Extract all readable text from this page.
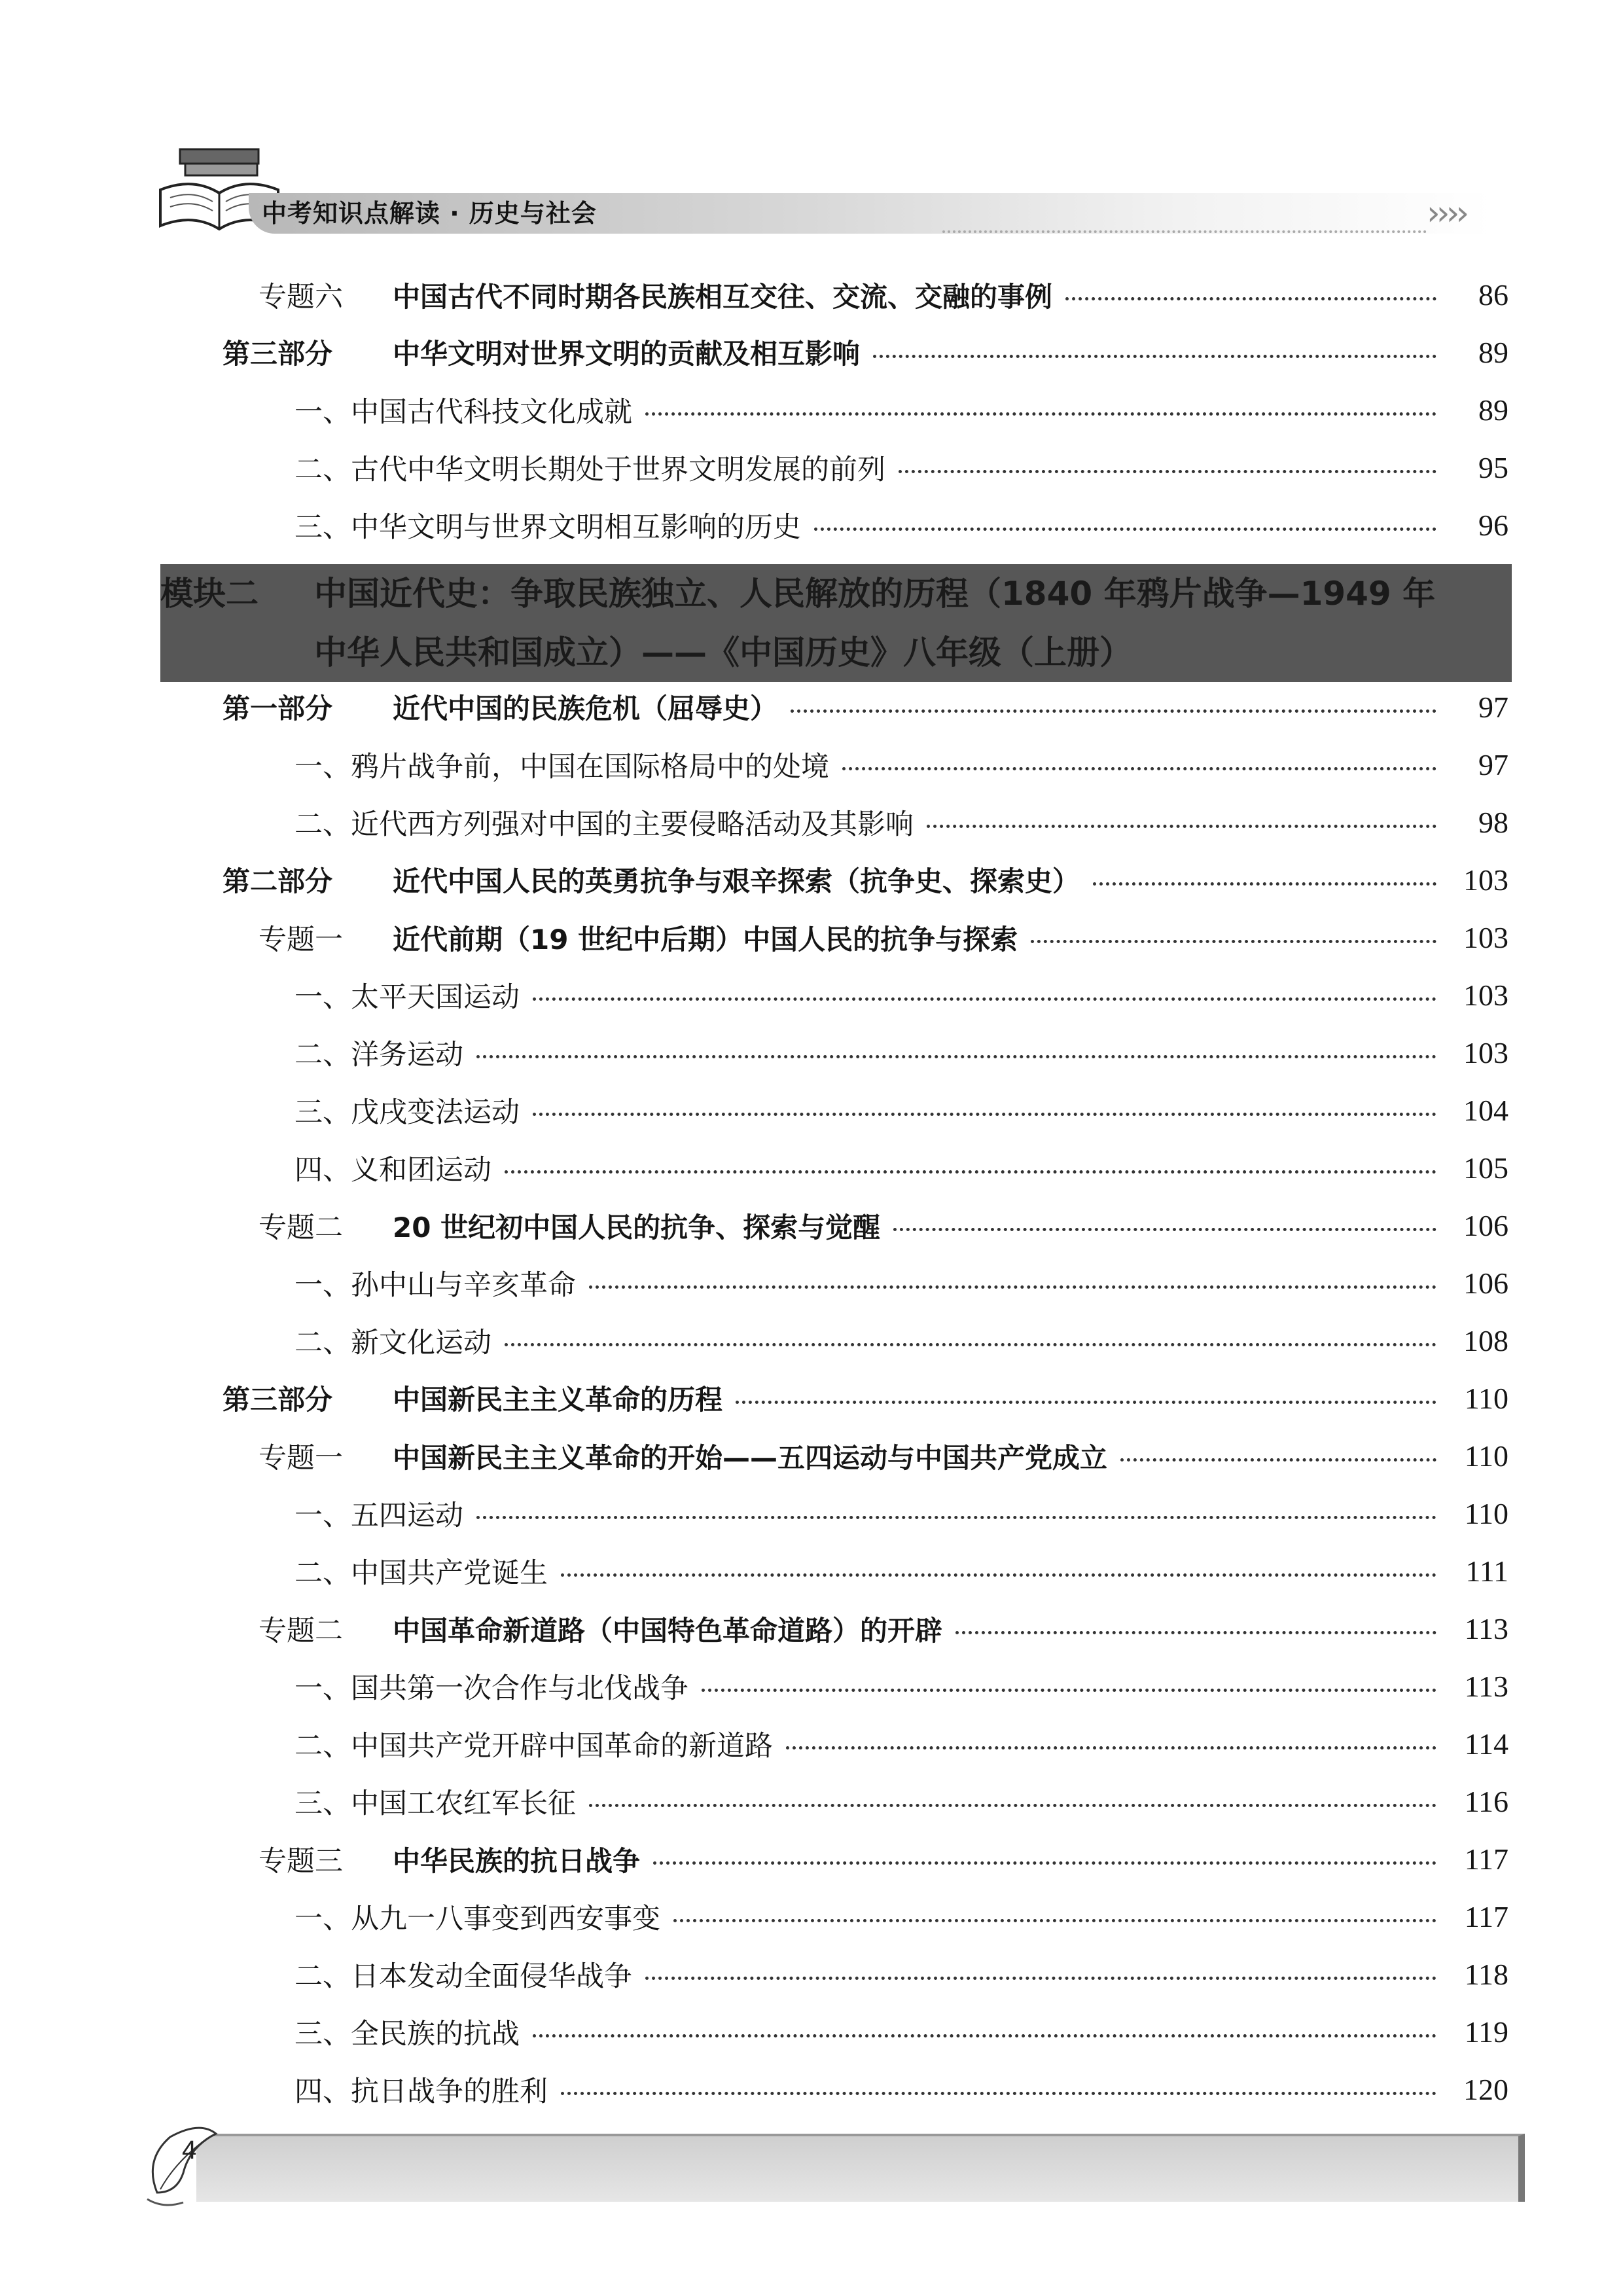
中考知识点解读 · 历史与社会	››››
专题六 中国古代不同时期各民族相互交往、交流、交融的事例	86
第三部分 中华文明对世界文明的贡献及相互影响	89
一、中国古代科技文化成就	89
二、古代中华文明长期处于世界文明发展的前列	95
三、中华文明与世界文明相互影响的历史	96
第一部分 近代中国的民族危机（屈辱史）	97
一、鸦片战争前，中国在国际格局中的处境	97
二、近代西方列强对中国的主要侵略活动及其影响	98
第二部分 近代中国人民的英勇抗争与艰辛探索（抗争史、探索史）	103
专题一 近代前期（19 世纪中后期）中国人民的抗争与探索	103
一、太平天国运动	103
二、洋务运动	103
三、戊戌变法运动	104
四、义和团运动	105
专题二 20 世纪初中国人民的抗争、探索与觉醒	106
一、孙中山与辛亥革命	106
二、新文化运动	108
第三部分 中国新民主主义革命的历程	110
专题一 中国新民主主义革命的开始——五四运动与中国共产党成立	110
一、五四运动	110
二、中国共产党诞生	111
专题二 中国革命新道路（中国特色革命道路）的开辟	113
一、国共第一次合作与北伐战争	113
二、中国共产党开辟中国革命的新道路	114
三、中国工农红军长征	116
专题三 中华民族的抗日战争	117
一、从九一八事变到西安事变	117
二、日本发动全面侵华战争	118
三、全民族的抗战	119
四、抗日战争的胜利	120
模块二 中国近代史：争取民族独立、人民解放的历程（1840 年鸦片战争—1949 年
中华人民共和国成立）——《中国历史》八年级（上册）
4
